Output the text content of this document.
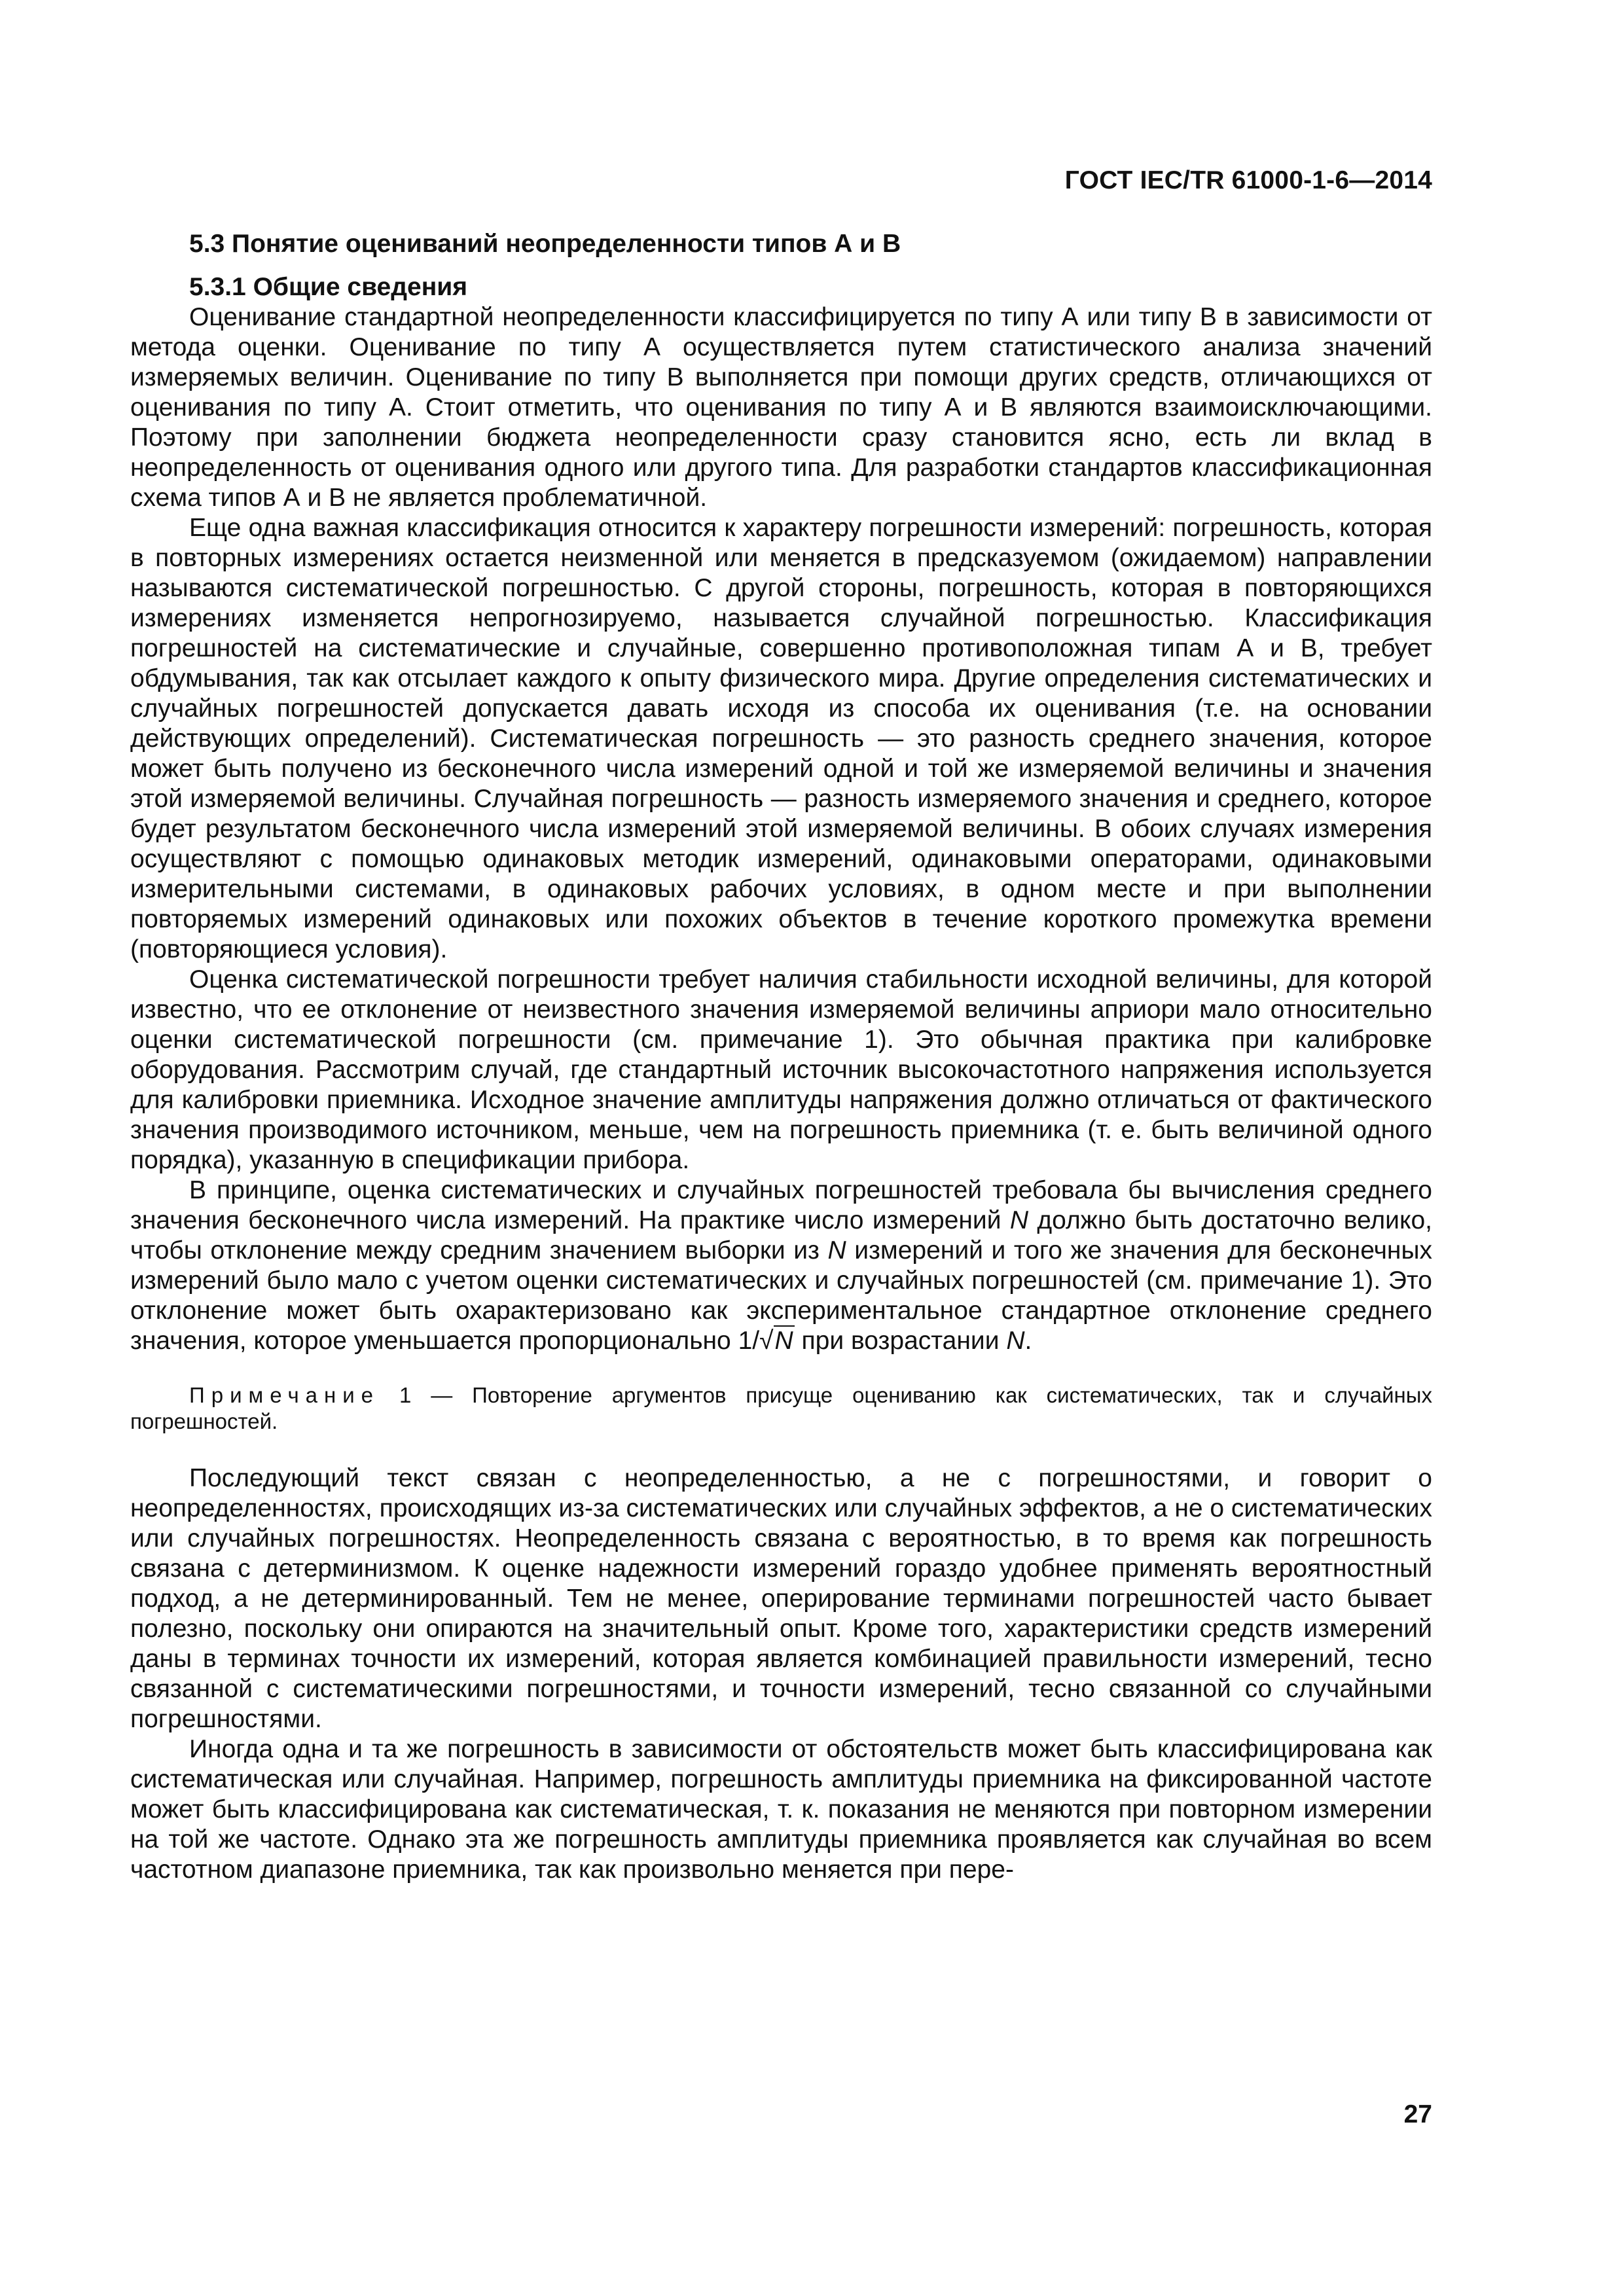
ГОСТ IEC/TR 61000-1-6—2014

5.3 Понятие оцениваний неопределенности типов А и В

5.3.1 Общие сведения

Оценивание стандартной неопределенности классифицируется по типу А или типу В в зависимости от метода оценки. Оценивание по типу А осуществляется путем статистического анализа значений измеряемых величин. Оценивание по типу В выполняется при помощи других средств, отличающихся от оценивания по типу А. Стоит отметить, что оценивания по типу А и В являются взаимоисключающими. Поэтому при заполнении бюджета неопределенности сразу становится ясно, есть ли вклад в неопределенность от оценивания одного или другого типа. Для разработки стандартов классификационная схема типов А и В не является проблематичной.

Еще одна важная классификация относится к характеру погрешности измерений: погрешность, которая в повторных измерениях остается неизменной или меняется в предсказуемом (ожидаемом) направлении называются систематической погрешностью. С другой стороны, погрешность, которая в повторяющихся измерениях изменяется непрогнозируемо, называется случайной погрешностью. Классификация погрешностей на систематические и случайные, совершенно противоположная типам А и В, требует обдумывания, так как отсылает каждого к опыту физического мира. Другие определения систематических и случайных погрешностей допускается давать исходя из способа их оценивания (т.е. на основании действующих определений). Систематическая погрешность — это разность среднего значения, которое может быть получено из бесконечного числа измерений одной и той же измеряемой величины и значения этой измеряемой величины. Случайная погрешность — разность измеряемого значения и среднего, которое будет результатом бесконечного числа измерений этой измеряемой величины. В обоих случаях измерения осуществляют с помощью одинаковых методик измерений, одинаковыми операторами, одинаковыми измерительными системами, в одинаковых рабочих условиях, в одном месте и при выполнении повторяемых измерений одинаковых или похожих объектов в течение короткого промежутка времени (повторяющиеся условия).

Оценка систематической погрешности требует наличия стабильности исходной величины, для которой известно, что ее отклонение от неизвестного значения измеряемой величины априори мало относительно оценки систематической погрешности (см. примечание 1). Это обычная практика при калибровке оборудования. Рассмотрим случай, где стандартный источник высокочастотного напряжения используется для калибровки приемника. Исходное значение амплитуды напряжения должно отличаться от фактического значения производимого источником, меньше, чем на погрешность приемника (т. е. быть величиной одного порядка), указанную в спецификации прибора.

В принципе, оценка систематических и случайных погрешностей требовала бы вычисления среднего значения бесконечного числа измерений. На практике число измерений N должно быть достаточно велико, чтобы отклонение между средним значением выборки из N измерений и того же значения для бесконечных измерений было мало с учетом оценки систематических и случайных погрешностей (см. примечание 1). Это отклонение может быть охарактеризовано как экспериментальное стандартное отклонение среднего значения, которое уменьшается пропорционально 1/√N при возрастании N.

Примечание 1 — Повторение аргументов присуще оцениванию как систематических, так и случайных погрешностей.

Последующий текст связан с неопределенностью, а не с погрешностями, и говорит о неопределенностях, происходящих из-за систематических или случайных эффектов, а не о систематических или случайных погрешностях. Неопределенность связана с вероятностью, в то время как погрешность связана с детерминизмом. К оценке надежности измерений гораздо удобнее применять вероятностный подход, а не детерминированный. Тем не менее, оперирование терминами погрешностей часто бывает полезно, поскольку они опираются на значительный опыт. Кроме того, характеристики средств измерений даны в терминах точности их измерений, которая является комбинацией правильности измерений, тесно связанной с систематическими погрешностями, и точности измерений, тесно связанной со случайными погрешностями.

Иногда одна и та же погрешность в зависимости от обстоятельств может быть классифицирована как систематическая или случайная. Например, погрешность амплитуды приемника на фиксированной частоте может быть классифицирована как систематическая, т. к. показания не меняются при повторном измерении на той же частоте. Однако эта же погрешность амплитуды приемника проявляется как случайная во всем частотном диапазоне приемника, так как произвольно меняется при пере-

27
